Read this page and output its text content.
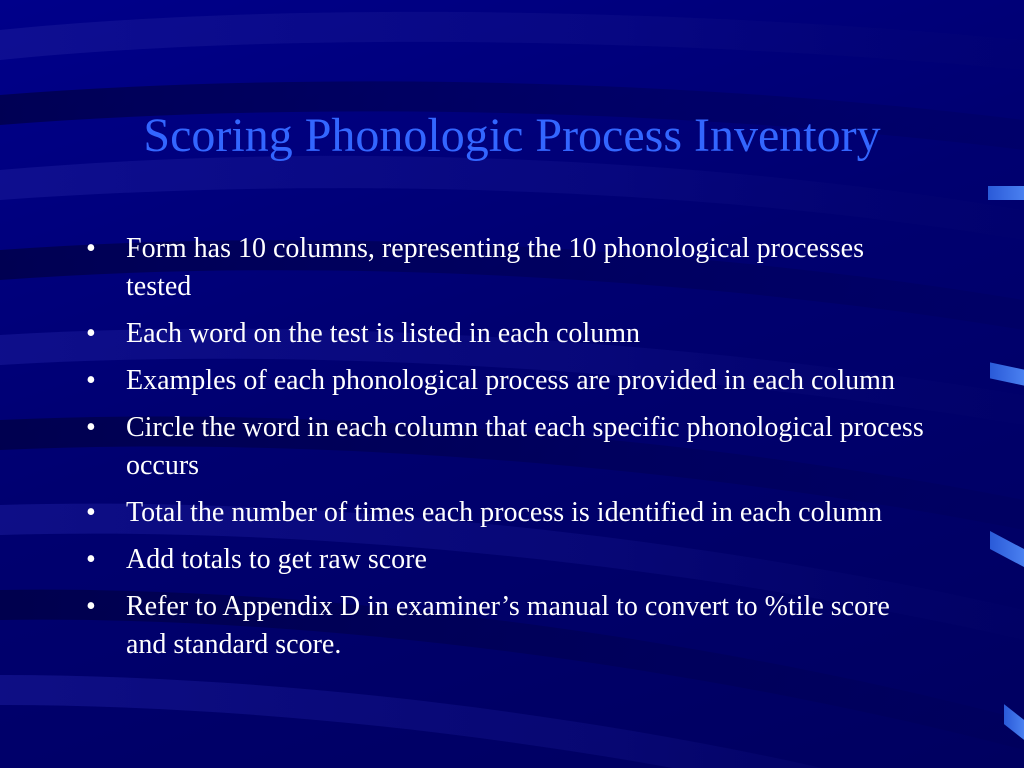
Scoring Phonologic Process Inventory
•	Form has 10 columns, representing the 10 phonological processes tested
•	Each word on the test is listed in each column
•	Examples of each phonological process are provided in each column
•	Circle the word in each column that each specific phonological process occurs
•	Total the number of times each process is identified in each column
•	Add totals to get raw score
•	Refer to Appendix D in examiner’s manual to convert to %tile score and standard score.
